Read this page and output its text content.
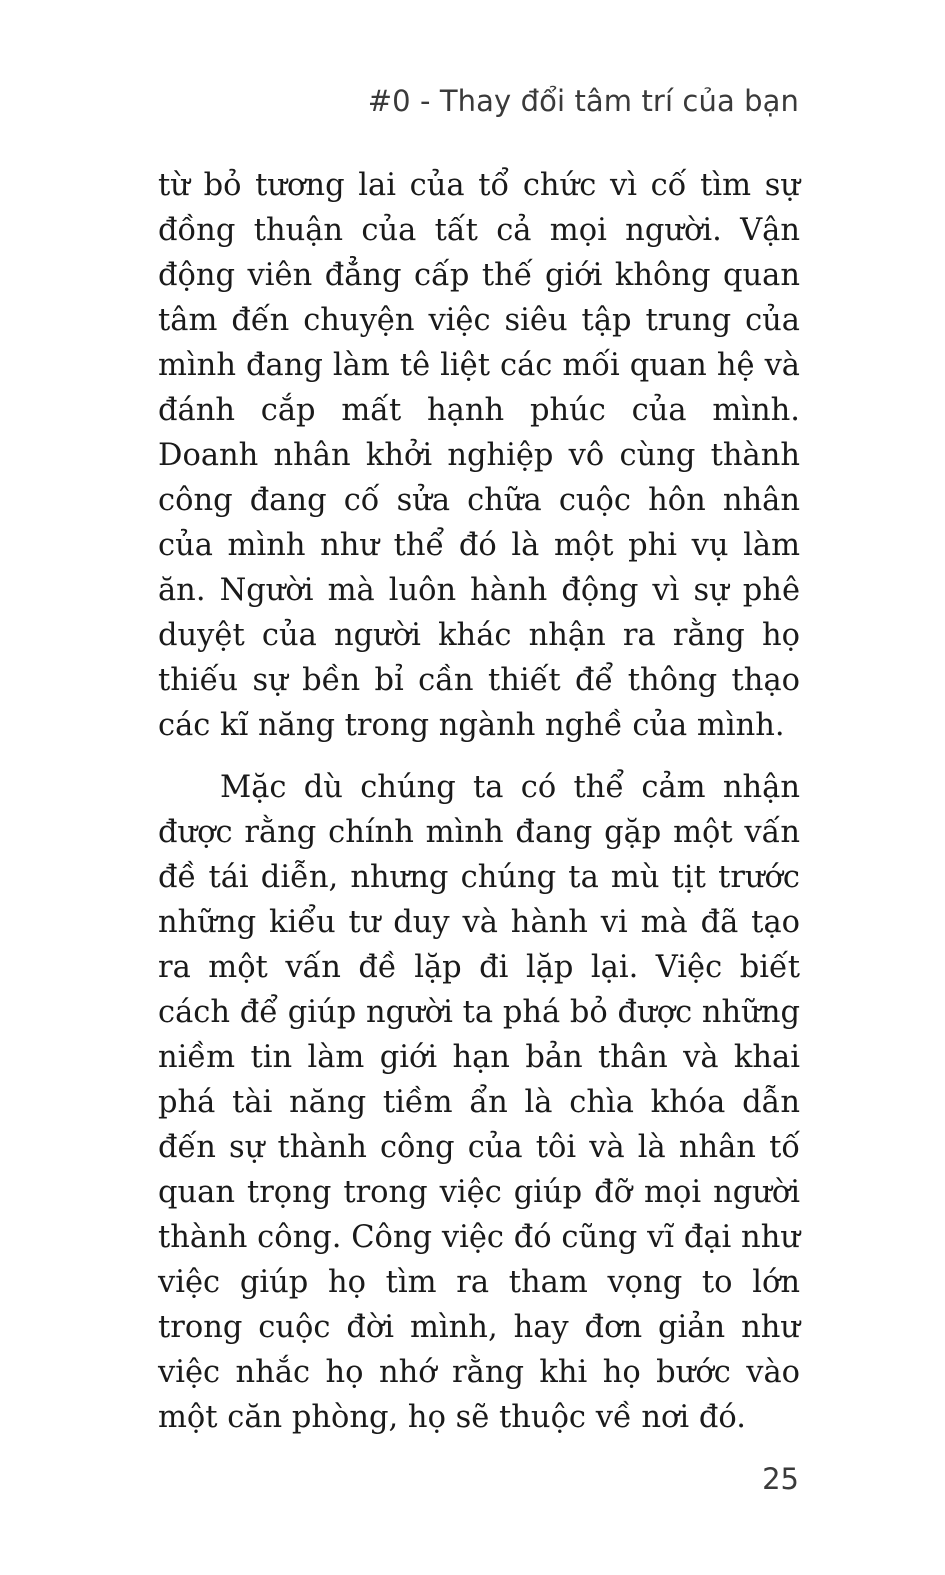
#0 - Thay đổi tâm trí của bạn

từ bỏ tương lai của tổ chức vì cố tìm sự đồng thuận của tất cả mọi người. Vận động viên đẳng cấp thế giới không quan tâm đến chuyện việc siêu tập trung của mình đang làm tê liệt các mối quan hệ và đánh cắp mất hạnh phúc của mình. Doanh nhân khởi nghiệp vô cùng thành công đang cố sửa chữa cuộc hôn nhân của mình như thể đó là một phi vụ làm ăn. Người mà luôn hành động vì sự phê duyệt của người khác nhận ra rằng họ thiếu sự bền bỉ cần thiết để thông thạo các kĩ năng trong ngành nghề của mình.

Mặc dù chúng ta có thể cảm nhận được rằng chính mình đang gặp một vấn đề tái diễn, nhưng chúng ta mù tịt trước những kiểu tư duy và hành vi mà đã tạo ra một vấn đề lặp đi lặp lại. Việc biết cách để giúp người ta phá bỏ được những niềm tin làm giới hạn bản thân và khai phá tài năng tiềm ẩn là chìa khóa dẫn đến sự thành công của tôi và là nhân tố quan trọng trong việc giúp đỡ mọi người thành công. Công việc đó cũng vĩ đại như việc giúp họ tìm ra tham vọng to lớn trong cuộc đời mình, hay đơn giản như việc nhắc họ nhớ rằng khi họ bước vào một căn phòng, họ sẽ thuộc về nơi đó.

25
